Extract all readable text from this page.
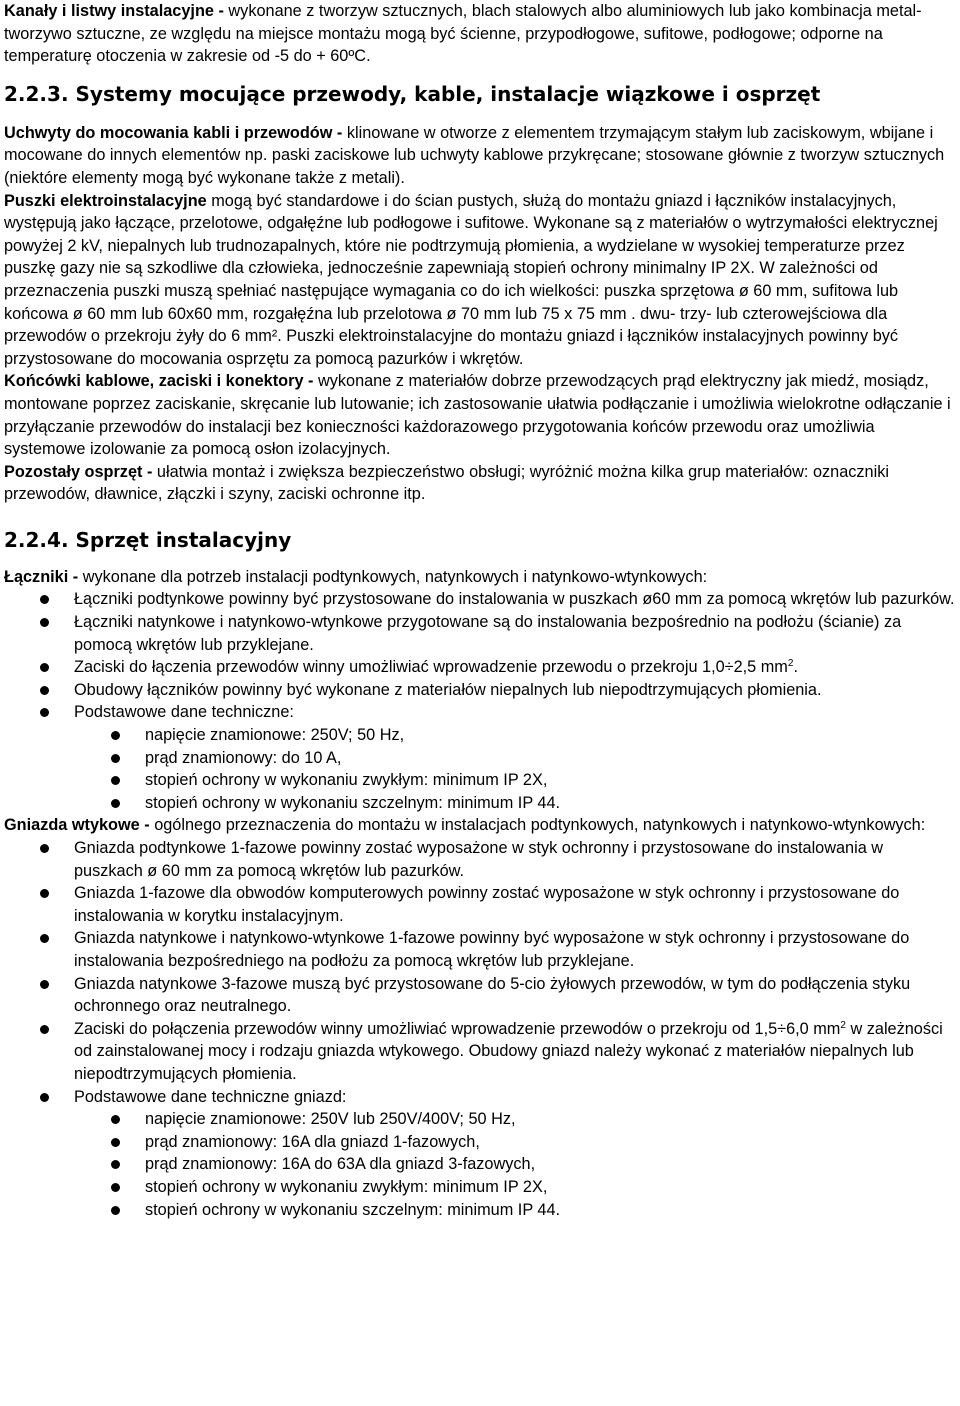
Kanały i listwy instalacyjne - wykonane z tworzyw sztucznych, blach stalowych albo aluminiowych lub jako kombinacja metal-tworzywo sztuczne, ze względu na miejsce montażu mogą być ścienne, przypodłogowe, sufitowe, podłogowe; odporne na temperaturę otoczenia w zakresie od -5 do + 60ºC.

2.2.3. Systemy mocujące przewody, kable, instalacje wiązkowe i osprzęt

Uchwyty do mocowania kabli i przewodów - klinowane w otworze z elementem trzymającym stałym lub zaciskowym, wbijane i mocowane do innych elementów np. paski zaciskowe lub uchwyty kablowe przykręcane; stosowane głównie z tworzyw sztucznych (niektóre elementy mogą być wykonane także z metali).

Puszki elektroinstalacyjne mogą być standardowe i do ścian pustych, służą do montażu gniazd i łączników instalacyjnych, występują jako łączące, przelotowe, odgałęźne lub podłogowe i sufitowe. Wykonane są z materiałów o wytrzymałości elektrycznej powyżej 2 kV, niepalnych lub trudnozapalnych, które nie podtrzymują płomienia, a wydzielane w wysokiej temperaturze przez puszkę gazy nie są szkodliwe dla człowieka, jednocześnie zapewniają stopień ochrony minimalny IP 2X. W zależności od przeznaczenia puszki muszą spełniać następujące wymagania co do ich wielkości: puszka sprzętowa ø 60 mm, sufitowa lub końcowa ø 60 mm lub 60x60 mm, rozgałęźna lub przelotowa ø 70 mm lub 75 x 75 mm . dwu- trzy- lub czterowejściowa dla przewodów o przekroju żyły do 6 mm². Puszki elektroinstalacyjne do montażu gniazd i łączników instalacyjnych powinny być przystosowane do mocowania osprzętu za pomocą pazurków i wkrętów.

Końcówki kablowe, zaciski i konektory - wykonane z materiałów dobrze przewodzących prąd elektryczny jak miedź, mosiądz, montowane poprzez zaciskanie, skręcanie lub lutowanie; ich zastosowanie ułatwia podłączanie i umożliwia wielokrotne odłączanie i przyłączanie przewodów do instalacji bez konieczności każdorazowego przygotowania końców przewodu oraz umożliwia systemowe izolowanie za pomocą osłon izolacyjnych.

Pozostały osprzęt - ułatwia montaż i zwiększa bezpieczeństwo obsługi; wyróżnić można kilka grup materiałów: oznaczniki przewodów, dławnice, złączki i szyny, zaciski ochronne itp.

2.2.4. Sprzęt instalacyjny

Łączniki - wykonane dla potrzeb instalacji podtynkowych, natynkowych i natynkowo-wtynkowych:

Łączniki podtynkowe powinny być przystosowane do instalowania w puszkach ø60 mm za pomocą wkrętów lub pazurków.
Łączniki natynkowe i natynkowo-wtynkowe przygotowane są do instalowania bezpośrednio na podłożu (ścianie) za pomocą wkrętów lub przyklejane.
Zaciski do łączenia przewodów winny umożliwiać wprowadzenie przewodu o przekroju 1,0÷2,5 $mm^2$.
Obudowy łączników powinny być wykonane z materiałów niepalnych lub niepodtrzymujących płomienia.
Podstawowe dane techniczne:
napięcie znamionowe: 250V; 50 Hz,
prąd znamionowy: do 10 A,
stopień ochrony w wykonaniu zwykłym: minimum IP 2X,
stopień ochrony w wykonaniu szczelnym: minimum IP 44.

Gniazda wtykowe - ogólnego przeznaczenia do montażu w instalacjach podtynkowych, natynkowych i natynkowo-wtynkowych:

Gniazda podtynkowe 1-fazowe powinny zostać wyposażone w styk ochronny i przystosowane do instalowania w puszkach ø 60 mm za pomocą wkrętów lub pazurków.
Gniazda 1-fazowe dla obwodów komputerowych powinny zostać wyposażone w styk ochronny i przystosowane do instalowania w korytku instalacyjnym.
Gniazda natynkowe i natynkowo-wtynkowe 1-fazowe powinny być wyposażone w styk ochronny i przystosowane do instalowania bezpośredniego na podłożu za pomocą wkrętów lub przyklejane.
Gniazda natynkowe 3-fazowe muszą być przystosowane do 5-cio żyłowych przewodów, w tym do podłączenia styku ochronnego oraz neutralnego.
Zaciski do połączenia przewodów winny umożliwiać wprowadzenie przewodów o przekroju od 1,5÷6,0 $mm^2$ w zależności od zainstalowanej mocy i rodzaju gniazda wtykowego. Obudowy gniazd należy wykonać z materiałów niepalnych lub niepodtrzymujących płomienia.
Podstawowe dane techniczne gniazd:
napięcie znamionowe: 250V lub 250V/400V; 50 Hz,
prąd znamionowy: 16A dla gniazd 1-fazowych,
prąd znamionowy: 16A do 63A dla gniazd 3-fazowych,
stopień ochrony w wykonaniu zwykłym: minimum IP 2X,
stopień ochrony w wykonaniu szczelnym: minimum IP 44.
